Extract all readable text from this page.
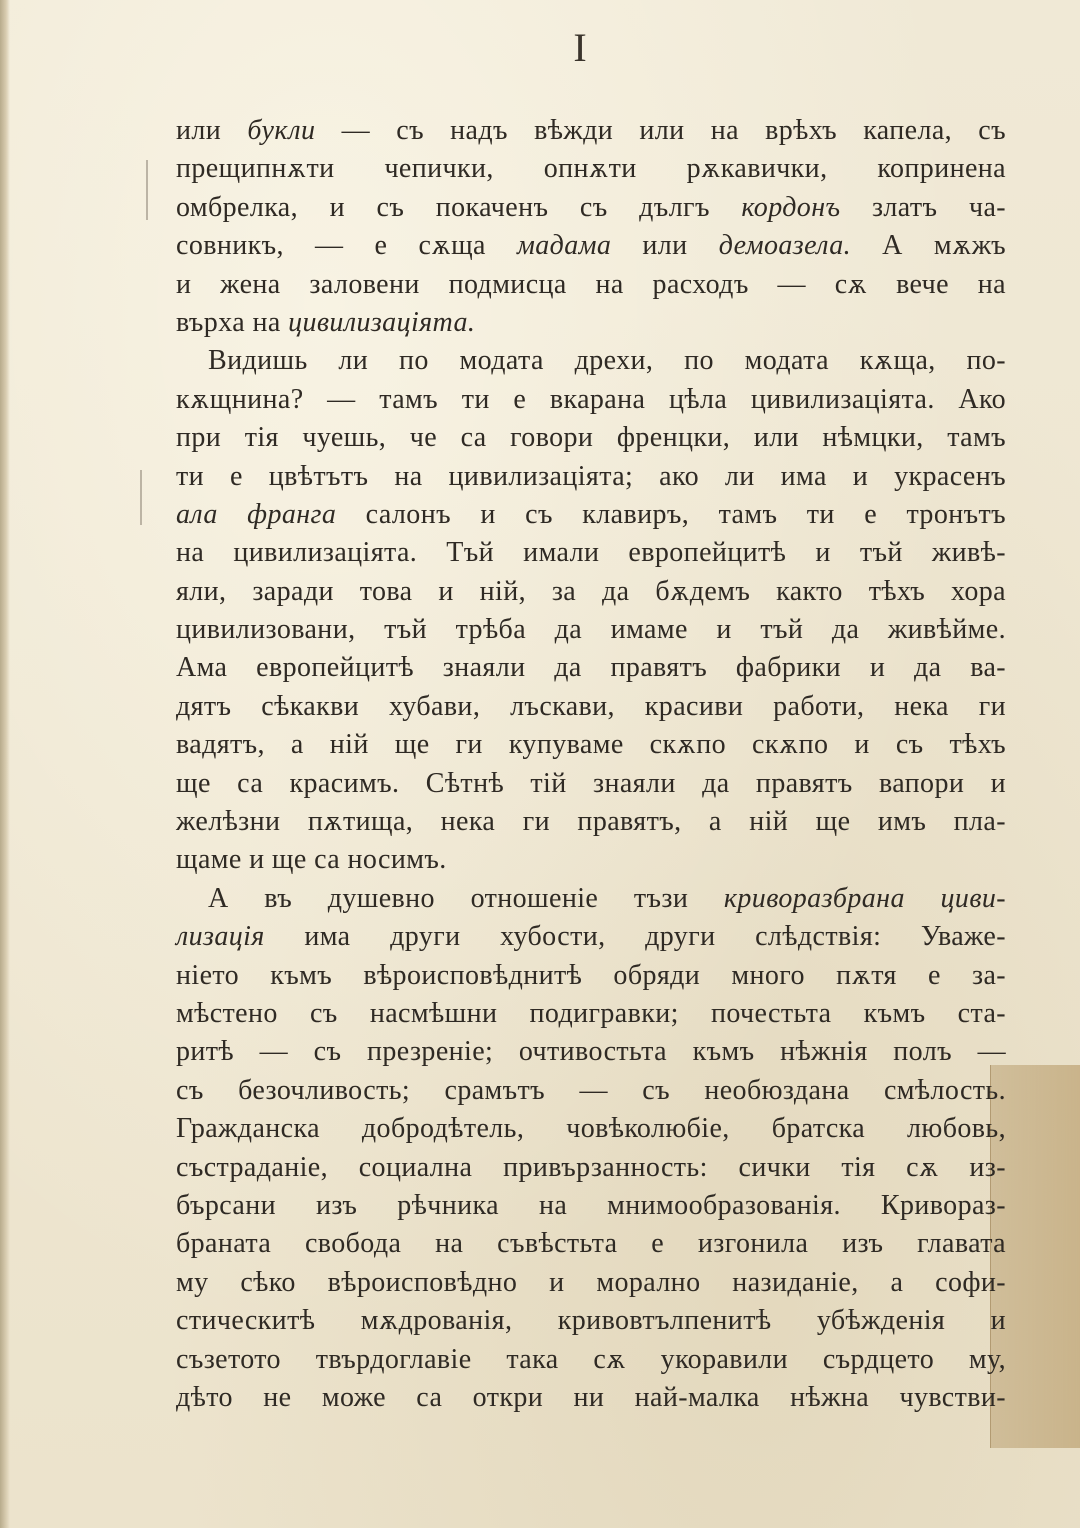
I
или букли — съ надъ вѣжди или на врѣхъ капела, съ
прещипнѫти чепички, опнѫти рѫкавички, копринена
омбрелка, и съ покаченъ съ дългъ кордонъ златъ ча-
совникъ, — е сѫща мадама или демоазела. А мѫжъ
и жена заловени подмисца на расходъ — сѫ вече на
върха на цивилизацiята.
Видишь ли по модата дрехи, по модата кѫща, по-
кѫщнина? — тамъ ти е вкарана цѣла цивилизацiята. Ако
при тiя чуешь, че са говори френцки, или нѣмцки, тамъ
ти е цвѣтътъ на цивилизацiята; ако ли има и украсенъ
ала франга салонъ и съ клавиръ, тамъ ти е тронътъ
на цивилизацiята. Тъй имали европейцитѣ и тъй живѣ-
яли, заради това и нiй, за да бѫдемъ както тѣхъ хора
цивилизовани, тъй трѣба да имаме и тъй да живѣйме.
Ама европейцитѣ знаяли да правятъ фабрики и да ва-
дятъ сѣкакви хубави, лъскави, красиви работи, нека ги
вадятъ, а нiй ще ги купуваме скѫпо скѫпо и съ тѣхъ
ще са красимъ. Сѣтнѣ тiй знаяли да правятъ вапори и
желѣзни пѫтища, нека ги правятъ, а нiй ще имъ пла-
щаме и ще са носимъ.
А въ душевно отношенiе тъзи криворазбрана циви-
лизацiя има други хубости, други слѣдствiя: Уваже-
нiето къмъ вѣроисповѣднитѣ обряди много пѫтя е за-
мѣстено съ насмѣшни подигравки; почестьта къмъ ста-
ритѣ — съ презренiе; очтивостьта къмъ нѣжнiя полъ —
съ безочливость; срамътъ — съ необюздана смѣлость.
Гражданска добродѣтель, човѣколюбiе, братска любовь,
състраданiе, социална привързанность: сички тiя сѫ из-
бърсани изъ рѣчника на мнимообразованiя. Криворaз-
браната свобода на съвѣстьта е изгонила изъ главата
му сѣко вѣроисповѣдно и морално назиданiе, а софи-
стическитѣ мѫдрованiя, кривовтълпенитѣ убѣжденiя и
съзетото твърдоглавiе така сѫ укоравили сърдцето му,
дѣто не може са откри ни най-малка нѣжна чувстви-
